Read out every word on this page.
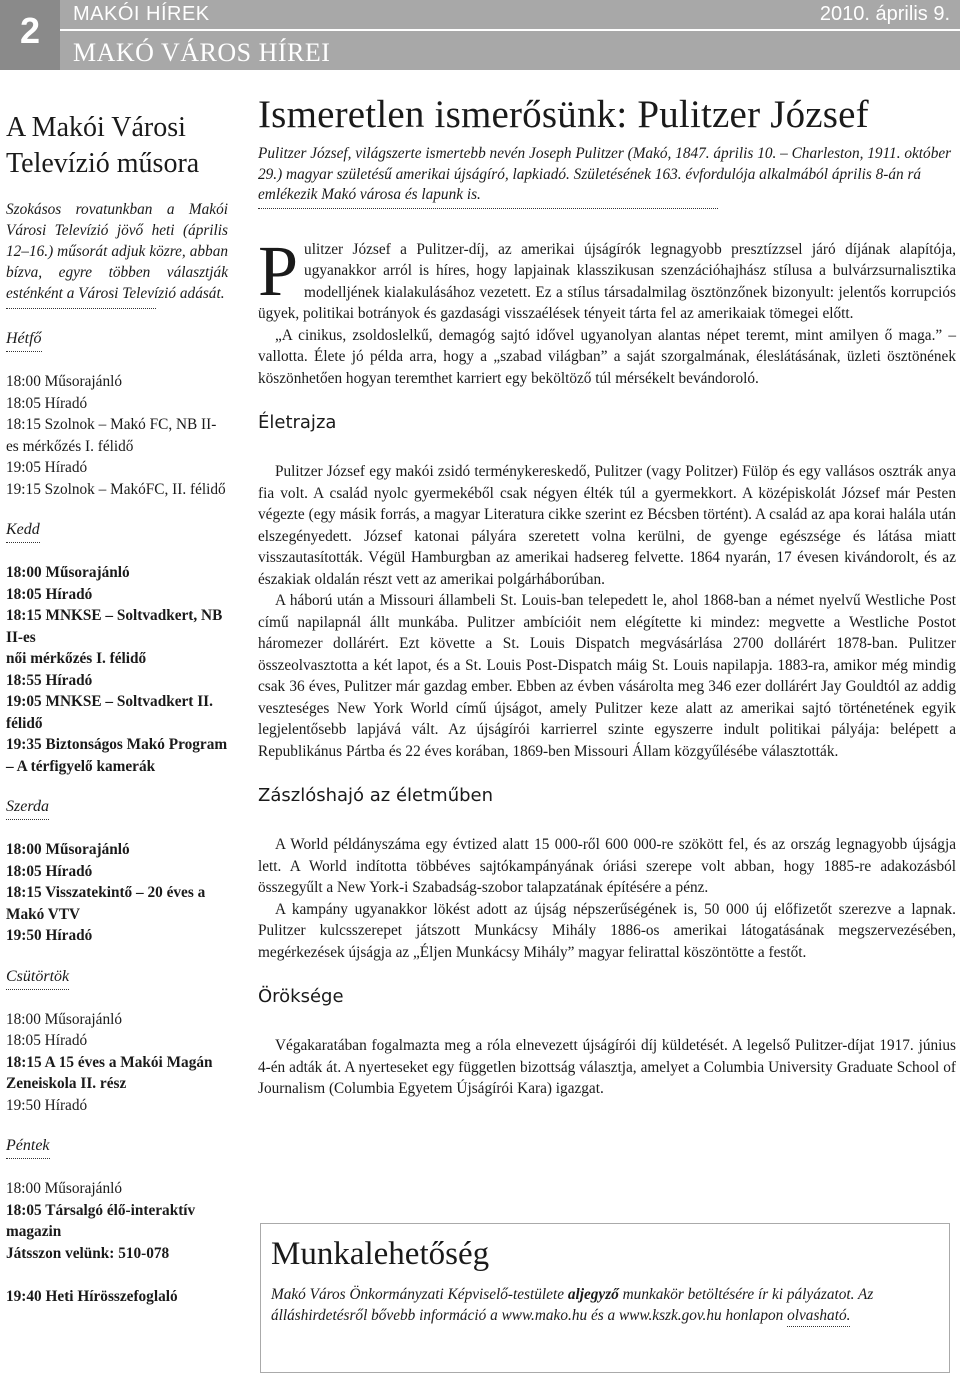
2	MAKÓI HÍREK	2010. április 9.
MAKÓ VÁROS HÍREI
A Makói Városi
Televízió műsora

Szokásos rovatunkban a Makói Városi Televízió jövő heti (április 12–16.) műsorát adjuk közre, abban bízva, egyre többen választják esténként a Városi Televízió adását.

Hétfő
18:00 Műsorajánló
18:05 Híradó
18:15 Szolnok – Makó FC, NB II-es mérkőzés I. félidő
19:05 Híradó
19:15 Szolnok – MakóFC, II. félidő
Kedd
18:00 Műsorajánló
18:05 Híradó
18:15 MNKSE – Soltvadkert, NB II-es
női mérkőzés I. félidő
18:55 Híradó
19:05 MNKSE – Soltvadkert II. félidő
19:35 Biztonságos Makó Program – A térfigyelő kamerák
Szerda
18:00 Műsorajánló
18:05 Híradó
18:15 Visszatekintő – 20 éves a Makó VTV
19:50 Híradó
Csütörtök
18:00 Műsorajánló
18:05 Híradó
18:15 A 15 éves a Makói Magán Zeneiskola II. rész
19:50 Híradó
Péntek
18:00 Műsorajánló
18:05 Társalgó élő-interaktív magazin
Játsszon velünk: 510-078

19:40 Heti Hírösszefoglaló
Ismeretlen ismerősünk: Pulitzer József

Pulitzer József, világszerte ismertebb nevén Joseph Pulitzer (Makó, 1847. április 10. – Charleston, 1911. október 29.) magyar születésű amerikai újságíró, lapkiadó. Születésének 163. évfordulója alkalmából április 8-án rá emlékezik Makó városa és lapunk is.

Pulitzer József a Pulitzer-díj, az amerikai újságírók legnagyobb presztízzsel járó díjának alapítója, ugyanakkor arról is híres, hogy lapjainak klasszikusan szenzációhajhász stílusa a bulvárzsurnalisztika modelljének kialakulásához vezetett. Ez a stílus társadalmilag ösztönzőnek bizonyult: jelentős korrupciós ügyek, politikai botrányok és gazdasági visszaélések tényeit tárta fel az amerikaiak tömegei előtt.

„A cinikus, zsoldoslelkű, demagóg sajtó idővel ugyanolyan alantas népet teremt, mint amilyen ő maga.” – vallotta. Élete jó példa arra, hogy a „szabad világban” a saját szorgalmának, éleslátásának, üzleti ösztönének köszönhetően hogyan teremthet karriert egy beköltöző túl mérsékelt bevándoroló.

Életrajza

Pulitzer József egy makói zsidó terménykereskedő, Pulitzer (vagy Politzer) Fülöp és egy vallásos osztrák anya fia volt. A család nyolc gyermekéből csak négyen élték túl a gyermekkort. A középiskolát József már Pesten végezte (egy másik forrás, a magyar Literatura cikke szerint ez Bécsben történt). A család az apa korai halála után elszegényedett. József katonai pályára szeretett volna kerülni, de gyenge egészsége és látása miatt visszautasították. Végül Hamburgban az amerikai hadsereg felvette. 1864 nyarán, 17 évesen kivándorolt, és az északiak oldalán részt vett az amerikai polgárháborúban.

A háború után a Missouri állambeli St. Louis-ban telepedett le, ahol 1868-ban a német nyelvű Westliche Post című napilapnál állt munkába. Pulitzer ambícióit nem elégítette ki mindez: megvette a Westliche Postot háromezer dollárért. Ezt követte a St. Louis Dispatch megvásárlása 2700 dollárért 1878-ban. Pulitzer összeolvasztotta a két lapot, és a St. Louis Post-Dispatch máig St. Louis napilapja. 1883-ra, amikor még mindig csak 36 éves, Pulitzer már gazdag ember. Ebben az évben vásárolta meg 346 ezer dollárért Jay Gouldtól az addig veszteséges New York World című újságot, amely Pulitzer keze alatt az amerikai sajtó történetének egyik legjelentősebb lapjává vált. Az újságírói karrierrel szinte egyszerre indult politikai pályája: belépett a Republikánus Pártba és 22 éves korában, 1869-ben Missouri Állam közgyűlésébe választották.

Zászlóshajó az életműben

A World példányszáma egy évtized alatt 15 000-ről 600 000-re szökött fel, és az ország legnagyobb újságja lett. A World indította többéves sajtókampányának óriási szerepe volt abban, hogy 1885-re adakozásból összegyűlt a New York-i Szabadság-szobor talapzatának építésére a pénz.

A kampány ugyanakkor lökést adott az újság népszerűségének is, 50 000 új előfizetőt szerezve a lapnak. Pulitzer kulcsszerepet játszott Munkácsy Mihály 1886-os amerikai látogatásának megszervezésében, megérkezések újságja az „Éljen Munkácsy Mihály” magyar felirattal köszöntötte a festőt.

Öröksége

Végakaratában fogalmazta meg a róla elnevezett újságírói díj küldetését. A legelső Pulitzer-díjat 1917. június 4-én adták át. A nyerteseket egy független bizottság választja, amelyet a Columbia University Graduate School of Journalism (Columbia Egyetem Újságírói Kara) igazgat.

Munkalehetőség

Makó Város Önkormányzati Képviselő-testülete aljegyző munkakör betöltésére ír ki pályázatot. Az álláshirdetésről bővebb információ a www.mako.hu és a www.kszk.gov.hu honlapon olvasható.
